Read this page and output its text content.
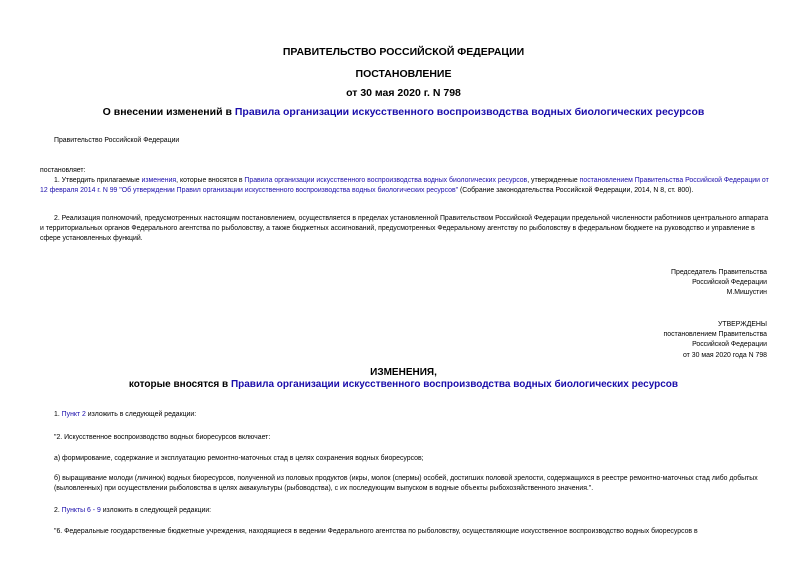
ПРАВИТЕЛЬСТВО РОССИЙСКОЙ ФЕДЕРАЦИИ
ПОСТАНОВЛЕНИЕ
от 30 мая 2020 г. N 798
О внесении изменений в Правила организации искусственного воспроизводства водных биологических ресурсов
Правительство Российской Федерации
постановляет:
1. Утвердить прилагаемые изменения, которые вносятся в Правила организации искусственного воспроизводства водных биологических ресурсов, утвержденные постановлением Правительства Российской Федерации от 12 февраля 2014 г. N 99 "Об утверждении Правил организации искусственного воспроизводства водных биологических ресурсов" (Собрание законодательства Российской Федерации, 2014, N 8, ст. 800).
2. Реализация полномочий, предусмотренных настоящим постановлением, осуществляется в пределах установленной Правительством Российской Федерации предельной численности работников центрального аппарата и территориальных органов Федерального агентства по рыболовству, а также бюджетных ассигнований, предусмотренных Федеральному агентству по рыболовству в федеральном бюджете на руководство и управление в сфере установленных функций.
Председатель Правительства
Российской Федерации
М.Мишустин
УТВЕРЖДЕНЫ
постановлением Правительства
Российской Федерации
от 30 мая 2020 года N 798
ИЗМЕНЕНИЯ,
которые вносятся в Правила организации искусственного воспроизводства водных биологических ресурсов
1. Пункт 2 изложить в следующей редакции:
"2. Искусственное воспроизводство водных биоресурсов включает:
а) формирование, содержание и эксплуатацию ремонтно-маточных стад в целях сохранения водных биоресурсов;
б) выращивание молоди (личинок) водных биоресурсов, полученной из половых продуктов (икры, молок (спермы) особей, достигших половой зрелости, содержащихся в реестре ремонтно-маточных стад либо добытых (выловленных) при осуществлении рыболовства в целях аквакультуры (рыбоводства), с их последующим выпуском в водные объекты рыбохозяйственного значения.".
2. Пункты 6 - 9 изложить в следующей редакции:
"6. Федеральные государственные бюджетные учреждения, находящиеся в ведении Федерального агентства по рыболовству, осуществляющие искусственное воспроизводство водных биоресурсов в
